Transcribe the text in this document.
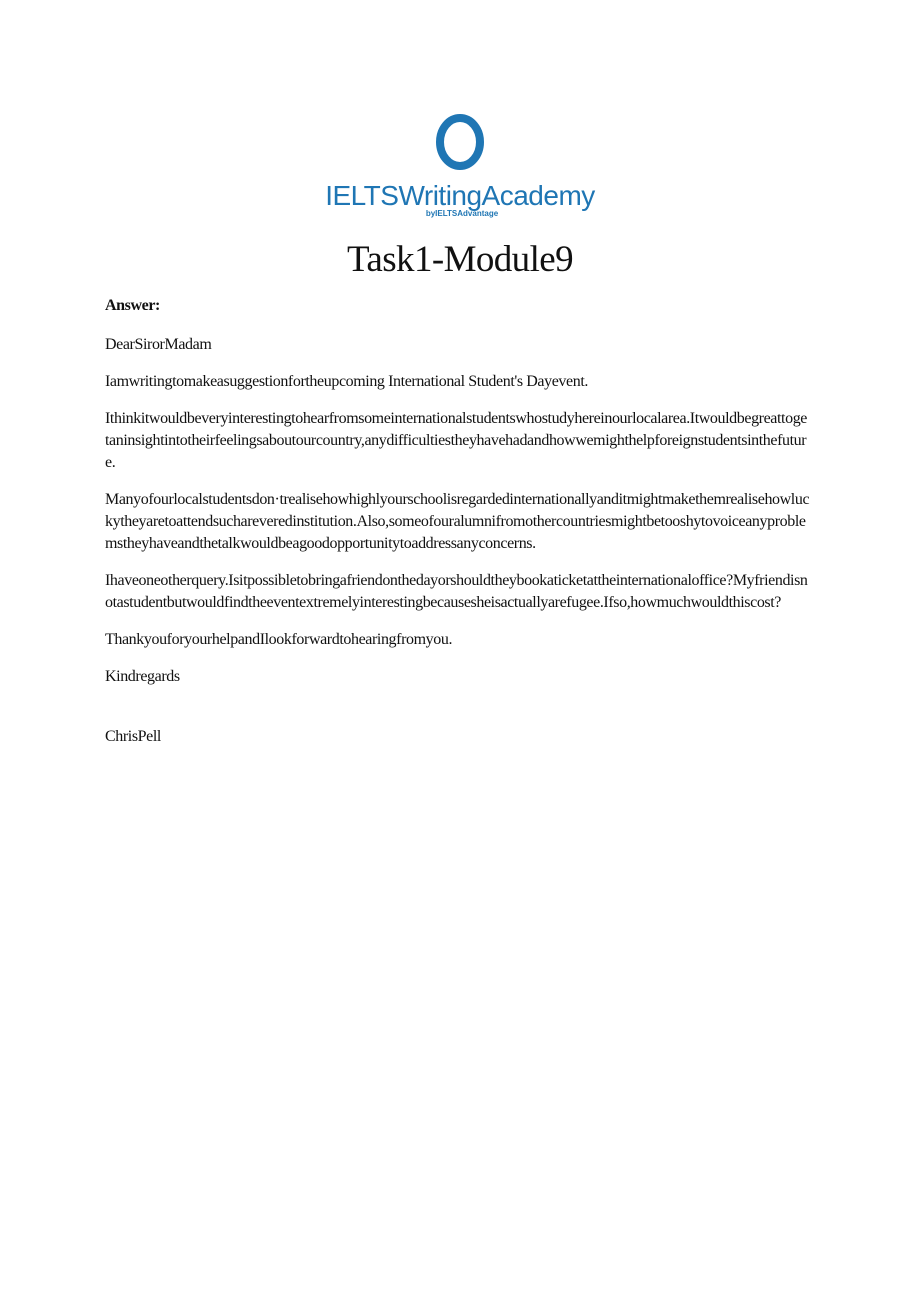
IELTSWritingAcademy
byIELTSAdvantage
Task1-Module9

Answer:

DearSirorMadam

Iamwritingtomakeasuggestionfortheupcoming International Student's Dayevent.

Ithinkitwouldbeveryinterestingtohearfromsomeinternationalstudentswhostudyhereinourlocalarea.Itwouldbegreattogetaninsightintotheirfeelingsaboutourcountry,anydifficultiestheyhavehadandhowwemighthelpforeignstudentsinthefuture.

Manyofourlocalstudentsdon·trealisehowhighlyourschoolisregardedinternationallyanditmightmakethemrealisehowluckytheyaretoattendsuchareveredinstitution.Also,someofouralumnifromothercountriesmightbetooshytovoiceanyproblemstheyhaveandthetalkwouldbeagoodopportunitytoaddressanyconcerns.

Ihaveoneotherquery.Isitpossibletobringafriendonthedayorshouldtheybookaticketattheinternationaloffice?Myfriendisnotastudentbutwouldfindtheeventextremelyinterestingbecausesheisactuallyarefugee.Ifso,howmuchwouldthiscost?

ThankyouforyourhelpandIlookforwardtohearingfromyou.

Kindregards

ChrisPell
